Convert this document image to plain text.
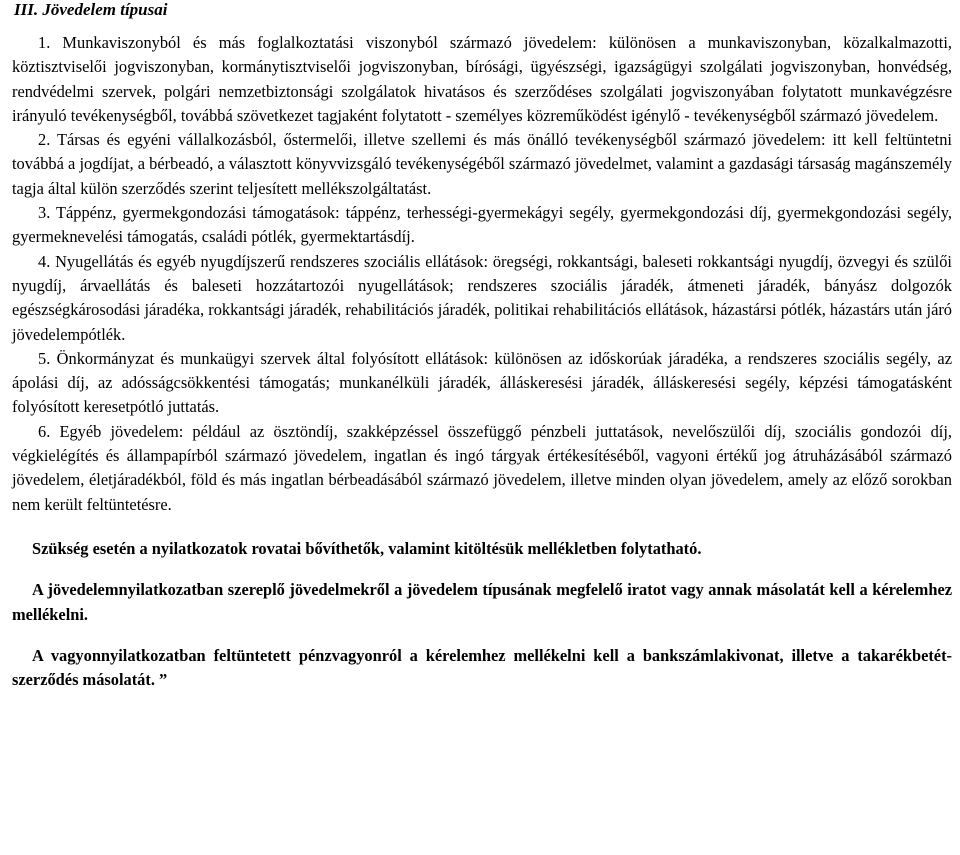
III. Jövedelem típusai

1. Munkaviszonyból és más foglalkoztatási viszonyból származó jövedelem: különösen a munkaviszonyban, közalkalmazotti, köztisztviselői jogviszonyban, kormánytisztviselői jogviszonyban, bírósági, ügyészségi, igazságügyi szolgálati jogviszonyban, honvédség, rendvédelmi szervek, polgári nemzetbiztonsági szolgálatok hivatásos és szerződéses szolgálati jogviszonyában folytatott munkavégzésre irányuló tevékenységből, továbbá szövetkezet tagjaként folytatott - személyes közreműködést igénylő - tevékenységből származó jövedelem.

2. Társas és egyéni vállalkozásból, őstermelői, illetve szellemi és más önálló tevékenységből származó jövedelem: itt kell feltüntetni továbbá a jogdíjat, a bérbeadó, a választott könyvvizsgáló tevékenységéből származó jövedelmet, valamint a gazdasági társaság magánszemély tagja által külön szerződés szerint teljesített mellékszolgáltatást.

3. Táppénz, gyermekgondozási támogatások: táppénz, terhességi-gyermekágyi segély, gyermekgondozási díj, gyermekgondozási segély, gyermeknevelési támogatás, családi pótlék, gyermektartásdíj.

4. Nyugellátás és egyéb nyugdíjszerű rendszeres szociális ellátások: öregségi, rokkantsági, baleseti rokkantsági nyugdíj, özvegyi és szülői nyugdíj, árvaellátás és baleseti hozzátartozói nyugellátások; rendszeres szociális járadék, átmeneti járadék, bányász dolgozók egészségkárosodási járadéka, rokkantsági járadék, rehabilitációs járadék, politikai rehabilitációs ellátások, házastársi pótlék, házastárs után járó jövedelempótlék.

5. Önkormányzat és munkaügyi szervek által folyósított ellátások: különösen az időskorúak járadéka, a rendszeres szociális segély, az ápolási díj, az adósságcsökkentési támogatás; munkanélküli járadék, álláskeresési járadék, álláskeresési segély, képzési támogatásként folyósított keresetpótló juttatás.

6. Egyéb jövedelem: például az ösztöndíj, szakképzéssel összefüggő pénzbeli juttatások, nevelőszülői díj, szociális gondozói díj, végkielégítés és állampapírból származó jövedelem, ingatlan és ingó tárgyak értékesítéséből, vagyoni értékű jog átruházásából származó jövedelem, életjáradékból, föld és más ingatlan bérbeadásából származó jövedelem, illetve minden olyan jövedelem, amely az előző sorokban nem került feltüntetésre.

Szükség esetén a nyilatkozatok rovatai bővíthetők, valamint kitöltésük mellékletben folytatható.

A jövedelemnyilatkozatban szereplő jövedelmekről a jövedelem típusának megfelelő iratot vagy annak másolatát kell a kérelemhez mellékelni.

A vagyonnyilatkozatban feltüntetett pénzvagyonról a kérelemhez mellékelni kell a bankszámlakivonat, illetve a takarékbetét-szerződés másolatát. ”
